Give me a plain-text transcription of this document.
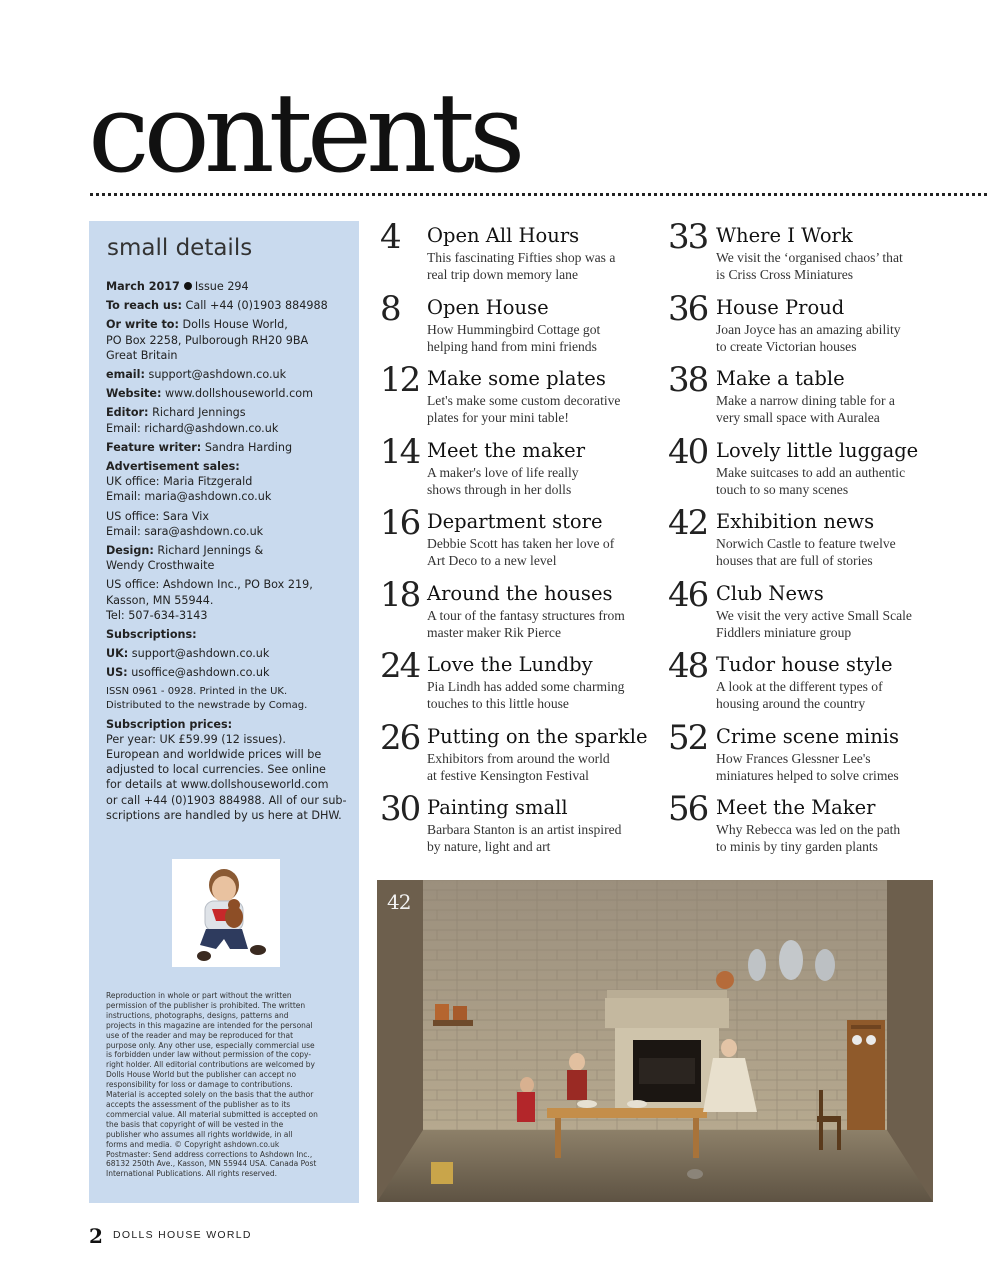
contents
small details
March 2017 Issue 294
To reach us: Call +44 (0)1903 884988
Or write to: Dolls House World,
PO Box 2258, Pulborough RH20 9BA
Great Britain
email: support@ashdown.co.uk
Website: www.dollshouseworld.com
Editor: Richard Jennings
Email: richard@ashdown.co.uk
Feature writer: Sandra Harding
Advertisement sales:
UK office: Maria Fitzgerald
Email: maria@ashdown.co.uk
US office: Sara Vix
Email: sara@ashdown.co.uk
Design: Richard Jennings &
Wendy Crosthwaite
US office: Ashdown Inc., PO Box 219,
Kasson, MN 55944.
Tel: 507-634-3143
Subscriptions:
UK: support@ashdown.co.uk
US: usoffice@ashdown.co.uk
ISSN 0961 - 0928. Printed in the UK.
Distributed to the newstrade by Comag.
Subscription prices:
Per year: UK £59.99 (12 issues).
European and worldwide prices will be
adjusted to local currencies. See online
for details at www.dollshouseworld.com
or call +44 (0)1903 884988. All of our sub-
scriptions are handled by us here at DHW.
Reproduction in whole or part without the written
permission of the publisher is prohibited. The written
instructions, photographs, designs, patterns and
projects in this magazine are intended for the personal
use of the reader and may be reproduced for that
purpose only. Any other use, especially commercial use
is forbidden under law without permission of the copy-
right holder. All editorial contributions are welcomed by
Dolls House World but the publisher can accept no
responsibility for loss or damage to contributions.
Material is accepted solely on the basis that the author
accepts the assessment of the publisher as to its
commercial value. All material submitted is accepted on
the basis that copyright of will be vested in the
publisher who assumes all rights worldwide, in all
forms and media. © Copyright ashdown.co.uk
Postmaster: Send address corrections to Ashdown Inc.,
68132 250th Ave., Kasson, MN 55944 USA. Canada Post
International Publications. All rights reserved.
4 Open All Hours
This fascinating Fifties shop was a
real trip down memory lane
8 Open House
How Hummingbird Cottage got
helping hand from mini friends
12 Make some plates
Let's make some custom decorative
plates for your mini table!
14 Meet the maker
A maker's love of life really
shows through in her dolls
16 Department store
Debbie Scott has taken her love of
Art Deco to a new level
18 Around the houses
A tour of the fantasy structures from
master maker Rik Pierce
24 Love the Lundby
Pia Lindh has added some charming
touches to this little house
26 Putting on the sparkle
Exhibitors from around the world
at festive Kensington Festival
30 Painting small
Barbara Stanton is an artist inspired
by nature, light and art
33 Where I Work
We visit the ‘organised chaos’ that
is Criss Cross Miniatures
36 House Proud
Joan Joyce has an amazing ability
to create Victorian houses
38 Make a table
Make a narrow dining table for a
very small space with Auralea
40 Lovely little luggage
Make suitcases to add an authentic
touch to so many scenes
42 Exhibition news
Norwich Castle to feature twelve
houses that are full of stories
46 Club News
We visit the very active Small Scale
Fiddlers miniature group
48 Tudor house style
A look at the different types of
housing around the country
52 Crime scene minis
How Frances Glessner Lee's
miniatures helped to solve crimes
56 Meet the Maker
Why Rebecca was led on the path
to minis by tiny garden plants
42
2 DOLLS HOUSE WORLD
